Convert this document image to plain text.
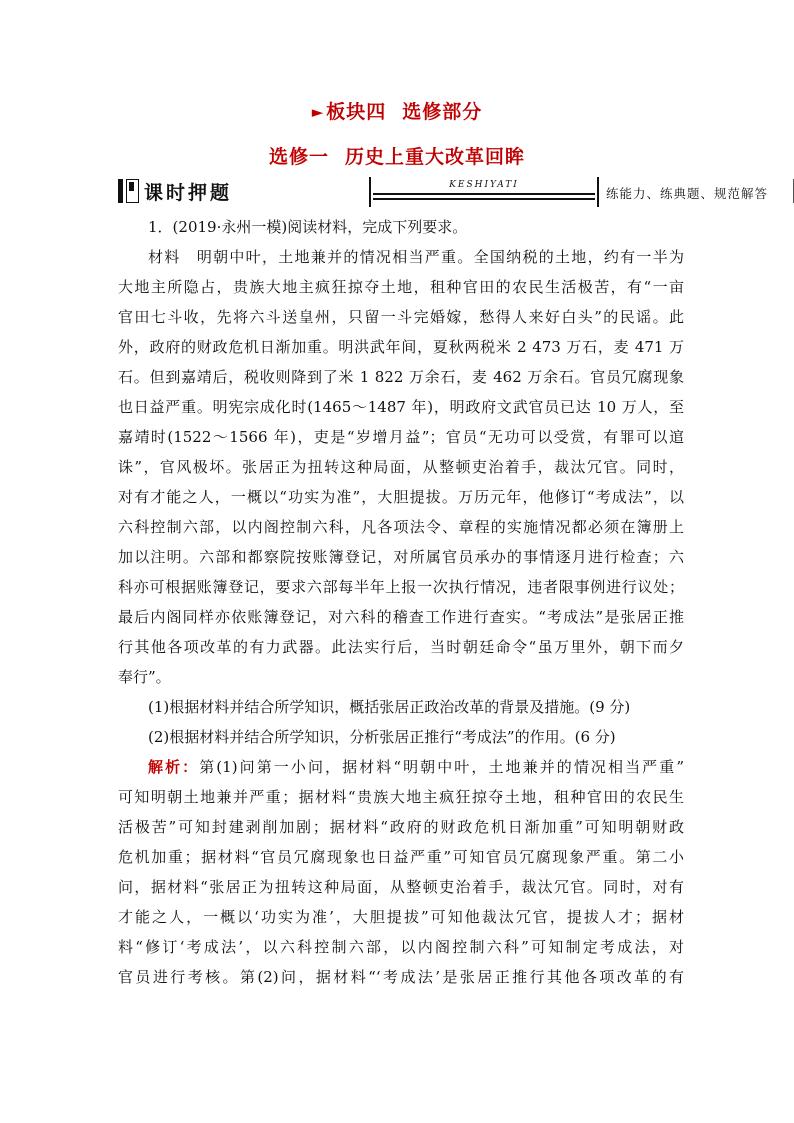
► 板块四 选修部分
选修一 历史上重大改革回眸
课时押题	KESHIYATI
练能力、练典题、规范解答
1．(2019·永州一模)阅读材料，完成下列要求。
材料　明朝中叶，土地兼并的情况相当严重。全国纳税的土地，约有一半为
大地主所隐占，贵族大地主疯狂掠夺土地，租种官田的农民生活极苦，有“一亩
官田七斗收，先将六斗送皇州，只留一斗完婚嫁，愁得人来好白头”的民谣。此
外，政府的财政危机日渐加重。明洪武年间，夏秋两税米 2 473 万石，麦 471 万
石。但到嘉靖后，税收则降到了米 1 822 万余石，麦 462 万余石。官员冗腐现象
也日益严重。明宪宗成化时(1465～1487 年)，明政府文武官员已达 10 万人，至
嘉靖时(1522～1566 年)，吏是“岁增月益”；官员“无功可以受赏，有罪可以逭
诛”，官风极坏。张居正为扭转这种局面，从整顿吏治着手，裁汰冗官。同时，
对有才能之人，一概以“功实为准”，大胆提拔。万历元年，他修订“考成法”，以
六科控制六部，以内阁控制六科，凡各项法令、章程的实施情况都必须在簿册上
加以注明。六部和都察院按账簿登记，对所属官员承办的事情逐月进行检查；六
科亦可根据账簿登记，要求六部每半年上报一次执行情况，违者限事例进行议处；
最后内阁同样亦依账簿登记，对六科的稽查工作进行查实。“考成法”是张居正推
行其他各项改革的有力武器。此法实行后，当时朝廷命令“虽万里外，朝下而夕
奉行”。
(1)根据材料并结合所学知识，概括张居正政治改革的背景及措施。(9 分)
(2)根据材料并结合所学知识，分析张居正推行“考成法”的作用。(6 分)
解析：第(1)问第一小问，据材料“明朝中叶，土地兼并的情况相当严重”
可知明朝土地兼并严重；据材料“贵族大地主疯狂掠夺土地，租种官田的农民生
活极苦”可知封建剥削加剧；据材料“政府的财政危机日渐加重”可知明朝财政
危机加重；据材料“官员冗腐现象也日益严重”可知官员冗腐现象严重。第二小
问，据材料“张居正为扭转这种局面，从整顿吏治着手，裁汰冗官。同时，对有
才能之人，一概以‘功实为准’，大胆提拔”可知他裁汰冗官，提拔人才；据材
料“修订‘考成法’，以六科控制六部，以内阁控制六科”可知制定考成法，对
官员进行考核。第(2)问，据材料“‘考成法’是张居正推行其他各项改革的有
